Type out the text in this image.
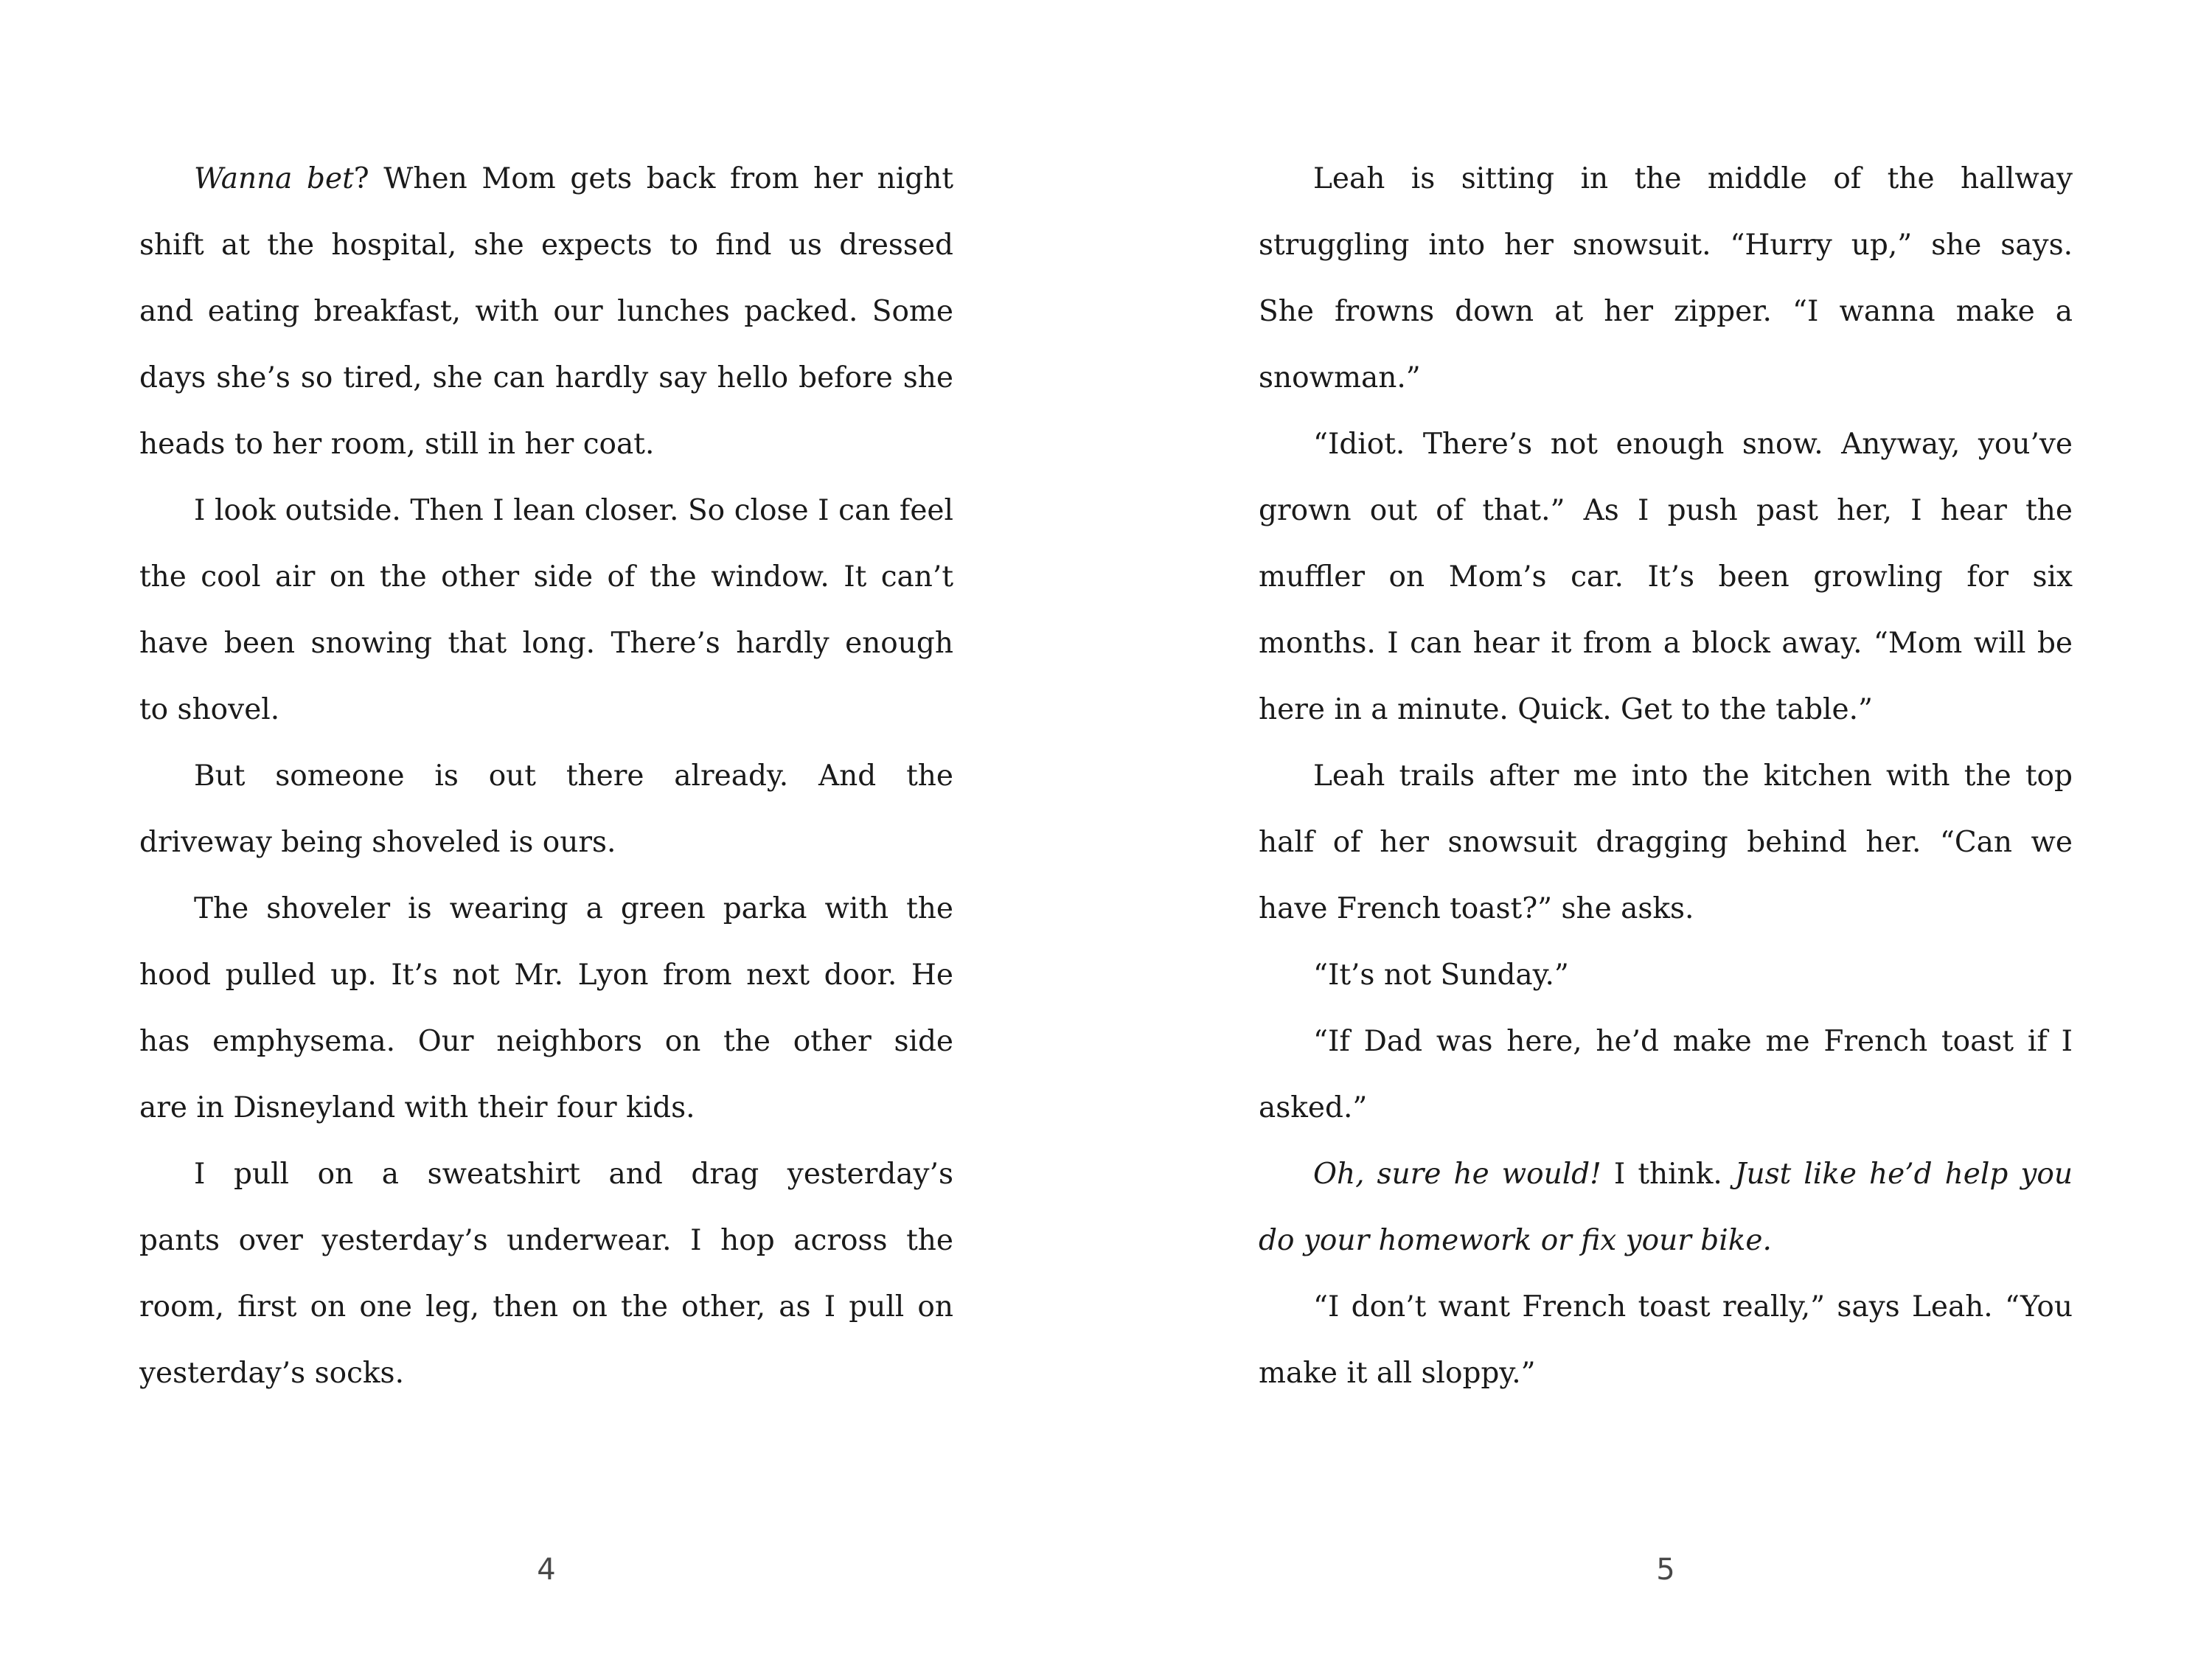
Wanna bet? When Mom gets back from her night
shift at the hospital, she expects to find us dressed
and eating breakfast, with our lunches packed. Some
days she’s so tired, she can hardly say hello before she
heads to her room, still in her coat.
I look outside. Then I lean closer. So close I can feel
the cool air on the other side of the window. It can’t
have been snowing that long. There’s hardly enough
to shovel.
But someone is out there already. And the
driveway being shoveled is ours.
The shoveler is wearing a green parka with the
hood pulled up. It’s not Mr. Lyon from next door. He
has emphysema. Our neighbors on the other side
are in Disneyland with their four kids.
I pull on a sweatshirt and drag yesterday’s
pants over yesterday’s underwear. I hop across the
room, first on one leg, then on the other, as I pull on
yesterday’s socks.
Leah is sitting in the middle of the hallway
struggling into her snowsuit. “Hurry up,” she says.
She frowns down at her zipper. “I wanna make a
snowman.”
“Idiot. There’s not enough snow. Anyway, you’ve
grown out of that.” As I push past her, I hear the
muffler on Mom’s car. It’s been growling for six
months. I can hear it from a block away. “Mom will be
here in a minute. Quick. Get to the table.”
Leah trails after me into the kitchen with the top
half of her snowsuit dragging behind her. “Can we
have French toast?” she asks.
“It’s not Sunday.”
“If Dad was here, he’d make me French toast if I
asked.”
Oh, sure he would! I think. Just like he’d help you
do your homework or fix your bike.
“I don’t want French toast really,” says Leah. “You
make it all sloppy.”
4	5
